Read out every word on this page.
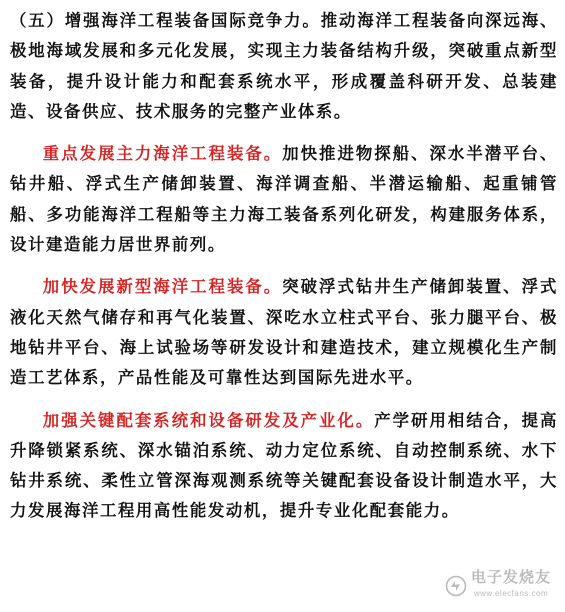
（五）增强海洋工程装备国际竞争力。推动海洋工程装备向深远海、极地海域发展和多元化发展，实现主力装备结构升级，突破重点新型装备，提升设计能力和配套系统水平，形成覆盖科研开发、总装建造、设备供应、技术服务的完整产业体系。

重点发展主力海洋工程装备。加快推进物探船、深水半潜平台、钻井船、浮式生产储卸装置、海洋调查船、半潜运输船、起重铺管船、多功能海洋工程船等主力海工装备系列化研发，构建服务体系，设计建造能力居世界前列。

加快发展新型海洋工程装备。突破浮式钻井生产储卸装置、浮式液化天然气储存和再气化装置、深吃水立柱式平台、张力腿平台、极地钻井平台、海上试验场等研发设计和建造技术，建立规模化生产制造工艺体系，产品性能及可靠性达到国际先进水平。

加强关键配套系统和设备研发及产业化。产学研用相结合，提高升降锁紧系统、深水锚泊系统、动力定位系统、自动控制系统、水下钻井系统、柔性立管深海观测系统等关键配套设备设计制造水平，大力发展海洋工程用高性能发动机，提升专业化配套能力。

电子发烧友
www.elecfans.com
